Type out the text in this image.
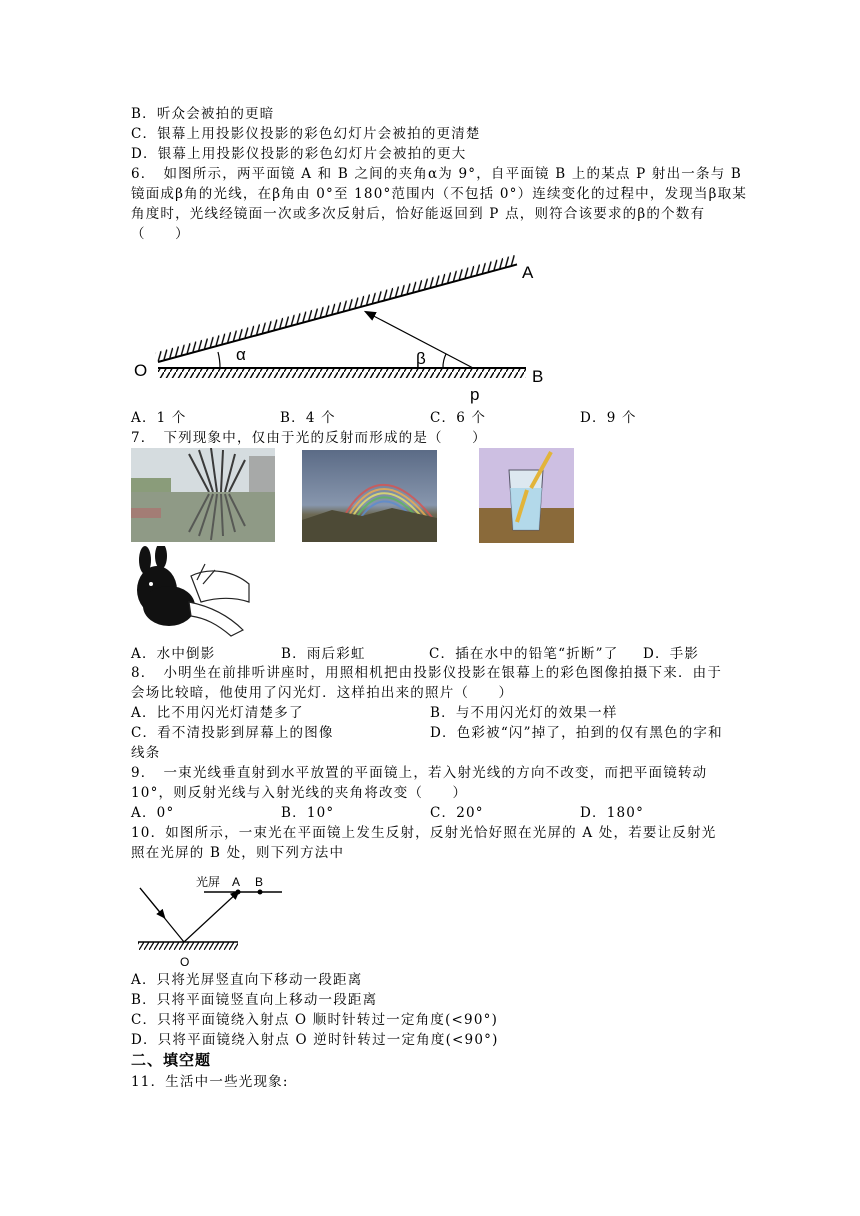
B．听众会被拍的更暗
C．银幕上用投影仪投影的彩色幻灯片会被拍的更清楚
D．银幕上用投影仪投影的彩色幻灯片会被拍的更大
6．　如图所示，两平面镜 A 和 B 之间的夹角α为 9°，自平面镜 B 上的某点 P 射出一条与 B
镜面成β角的光线，在β角由 0°至 180°范围内（不包括 0°）连续变化的过程中，发现当β取某
角度时，光线经镜面一次或多次反射后，恰好能返回到 P 点，则符合该要求的β的个数有
（　　）
α	β
A
B
O
p
A．1 个	B．4 个	C．6 个	D．9 个
7．　下列现象中，仅由于光的反射而形成的是（　　）
A．水中倒影	B．雨后彩虹	C．插在水中的铅笔“折断”了 D．手影
8．　小明坐在前排听讲座时，用照相机把由投影仪投影在银幕上的彩色图像拍摄下来．由于
会场比较暗，他使用了闪光灯．这样拍出来的照片（　　）
A．比不用闪光灯清楚多了	B．与不用闪光灯的效果一样
C．看不清投影到屏幕上的图像	D．色彩被“闪”掉了，拍到的仅有黑色的字和
线条
9．　一束光线垂直射到水平放置的平面镜上，若入射光线的方向不改变，而把平面镜转动
10°，则反射光线与入射光线的夹角将改变（　　）
A．0°	B．10°	C．20°	D．180°
10．如图所示，一束光在平面镜上发生反射，反射光恰好照在光屏的 A 处，若要让反射光
照在光屏的 B 处，则下列方法中
光屏 A B
O
A．只将光屏竖直向下移动一段距离
B．只将平面镜竖直向上移动一段距离
C．只将平面镜绕入射点 O 顺时针转过一定角度(<90°)
D．只将平面镜绕入射点 O 逆时针转过一定角度(<90°)
二、填空题
11．生活中一些光现象:
